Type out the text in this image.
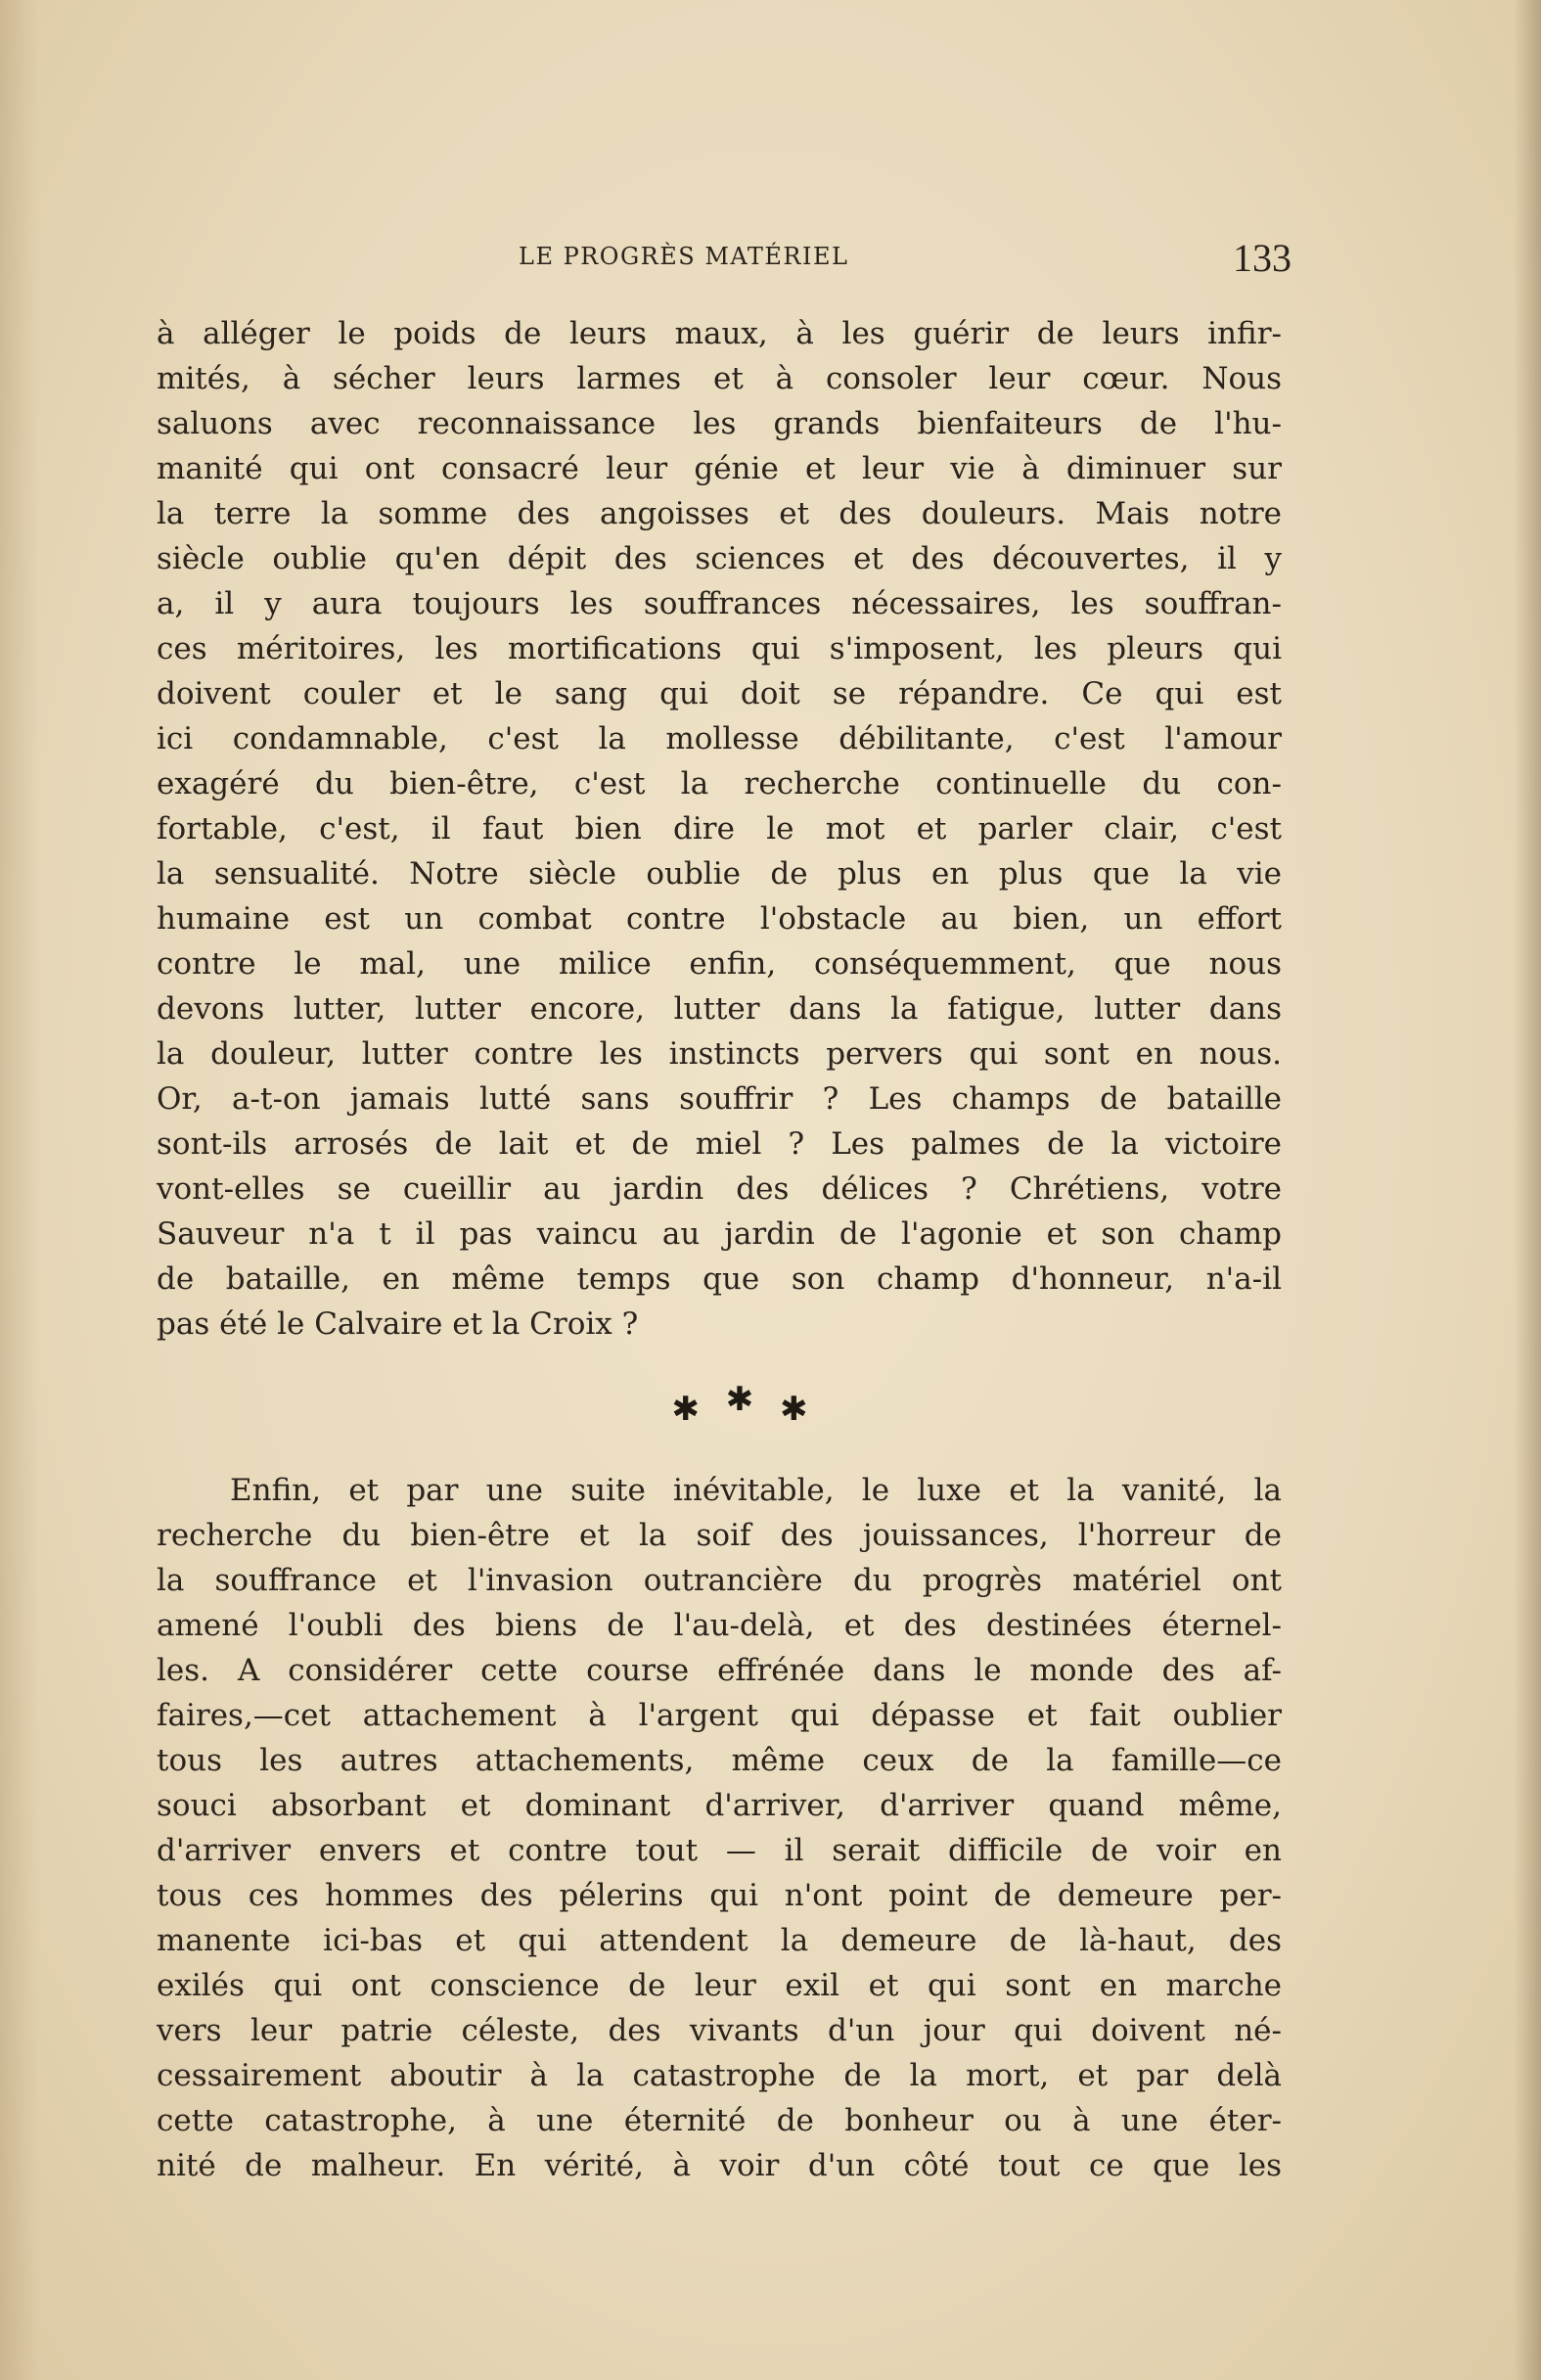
LE PROGRÈS MATÉRIEL	133
à alléger le poids de leurs maux, à les guérir de leurs infir-
mités, à sécher leurs larmes et à consoler leur cœur. Nous
saluons avec reconnaissance les grands bienfaiteurs de l'hu-
manité qui ont consacré leur génie et leur vie à diminuer sur
la terre la somme des angoisses et des douleurs. Mais notre
siècle oublie qu'en dépit des sciences et des découvertes, il y
a, il y aura toujours les souffrances nécessaires, les souffran-
ces méritoires, les mortifications qui s'imposent, les pleurs qui
doivent couler et le sang qui doit se répandre. Ce qui est
ici condamnable, c'est la mollesse débilitante, c'est l'amour
exagéré du bien-être, c'est la recherche continuelle du con-
fortable, c'est, il faut bien dire le mot et parler clair, c'est
la sensualité. Notre siècle oublie de plus en plus que la vie
humaine est un combat contre l'obstacle au bien, un effort
contre le mal, une milice enfin, conséquemment, que nous
devons lutter, lutter encore, lutter dans la fatigue, lutter dans
la douleur, lutter contre les instincts pervers qui sont en nous.
Or, a-t-on jamais lutté sans souffrir ? Les champs de bataille
sont-ils arrosés de lait et de miel ? Les palmes de la victoire
vont-elles se cueillir au jardin des délices ? Chrétiens, votre
Sauveur n'a t il pas vaincu au jardin de l'agonie et son champ
de bataille, en même temps que son champ d'honneur, n'a-il
pas été le Calvaire et la Croix ?
✱ ✱ ✱
Enfin, et par une suite inévitable, le luxe et la vanité, la
recherche du bien-être et la soif des jouissances, l'horreur de
la souffrance et l'invasion outrancière du progrès matériel ont
amené l'oubli des biens de l'au-delà, et des destinées éternel-
les. A considérer cette course effrénée dans le monde des af-
faires,—cet attachement à l'argent qui dépasse et fait oublier
tous les autres attachements, même ceux de la famille—ce
souci absorbant et dominant d'arriver, d'arriver quand même,
d'arriver envers et contre tout — il serait difficile de voir en
tous ces hommes des pélerins qui n'ont point de demeure per-
manente ici-bas et qui attendent la demeure de là-haut, des
exilés qui ont conscience de leur exil et qui sont en marche
vers leur patrie céleste, des vivants d'un jour qui doivent né-
cessairement aboutir à la catastrophe de la mort, et par delà
cette catastrophe, à une éternité de bonheur ou à une éter-
nité de malheur. En vérité, à voir d'un côté tout ce que les
